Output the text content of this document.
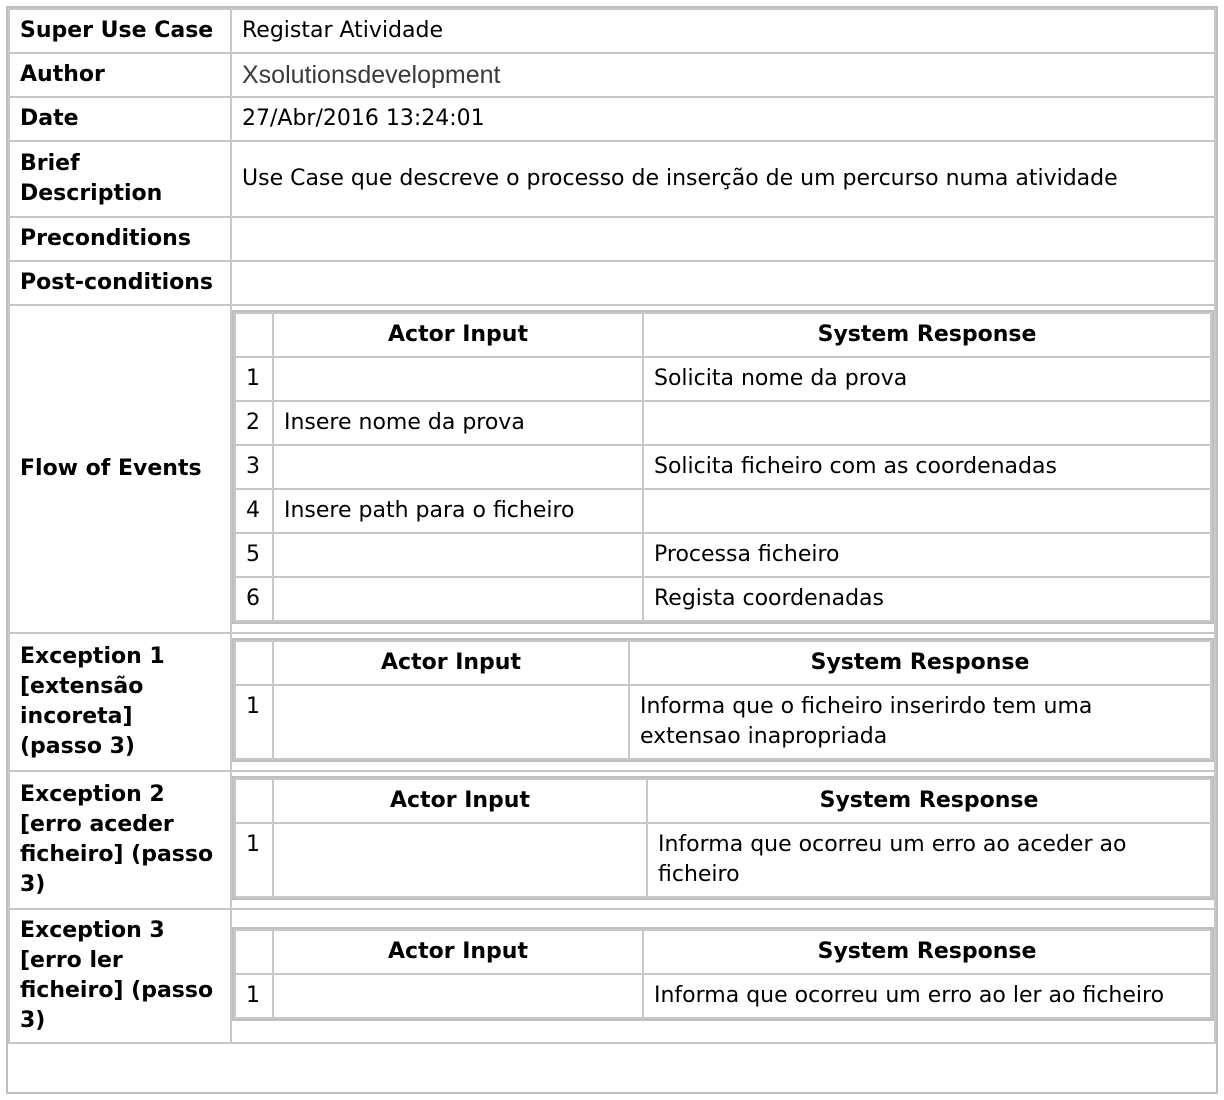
Super Use Case	Registar Atividade
Author	Xsolutionsdevelopment
Date	27/Abr/2016 13:24:01
Brief Description	Use Case que descreve o processo de inserção de um percurso numa atividade
Preconditions	
Post-conditions	
Flow of Events	
	Actor Input	System Response
1		Solicita nome da prova
2	Insere nome da prova	
3		Solicita ficheiro com as coordenadas
4	Insere path para o ficheiro	
5		Processa ficheiro
6		Regista coordenadas

Exception 1 [extensão incoreta] (passo 3)	
	Actor Input	System Response
1		Informa que o ficheiro inserirdo tem uma extensao inapropriada

Exception 2 [erro aceder ficheiro] (passo 3)	
	Actor Input	System Response
1		Informa que ocorreu um erro ao aceder ao ficheiro

Exception 3 [erro ler ficheiro] (passo 3)	
	Actor Input	System Response
1		Informa que ocorreu um erro ao ler ao ficheiro
